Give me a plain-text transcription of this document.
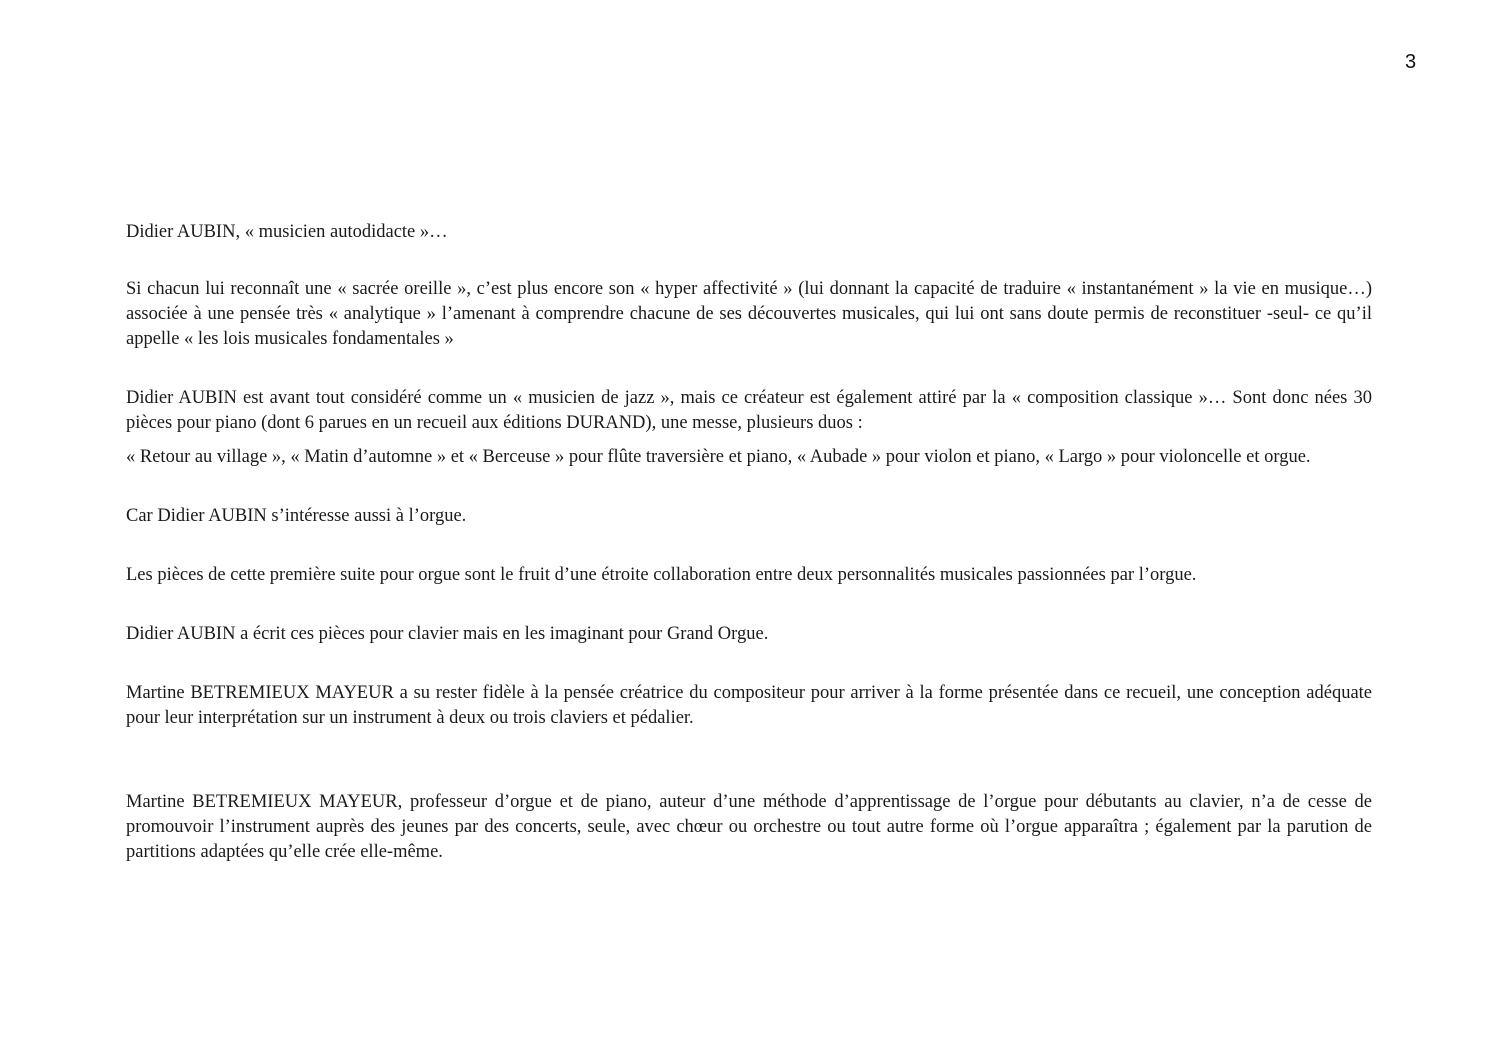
3

Didier AUBIN, « musicien autodidacte »…

Si chacun lui reconnaît une « sacrée oreille », c’est plus encore son « hyper affectivité » (lui donnant la capacité de traduire « instantanément » la vie en musique…) associée à une pensée très « analytique » l’amenant à comprendre chacune de ses découvertes musicales, qui lui ont sans doute permis de reconstituer -seul- ce qu’il appelle « les lois musicales fondamentales »

Didier AUBIN est avant tout considéré comme un « musicien de jazz », mais ce créateur est également attiré par la « composition classique »… Sont donc nées 30 pièces pour piano (dont 6 parues en un recueil aux éditions DURAND), une messe, plusieurs duos :

« Retour au village », « Matin d’automne » et « Berceuse » pour flûte traversière et piano, « Aubade » pour violon et piano, « Largo » pour violoncelle et orgue.

Car Didier AUBIN s’intéresse aussi à l’orgue.

Les pièces de cette première suite pour orgue sont le fruit d’une étroite collaboration entre deux personnalités musicales passionnées par l’orgue.

Didier AUBIN a écrit ces pièces pour clavier mais en les imaginant pour Grand Orgue.

Martine BETREMIEUX MAYEUR a su rester fidèle à la pensée créatrice du compositeur pour arriver à la forme présentée dans ce recueil, une conception adéquate pour leur interprétation sur un instrument à deux ou trois claviers et pédalier.

Martine BETREMIEUX MAYEUR, professeur d’orgue et de piano, auteur d’une méthode d’apprentissage de l’orgue pour débutants au clavier, n’a de cesse de promouvoir l’instrument auprès des jeunes par des concerts, seule, avec chœur ou orchestre ou tout autre forme où l’orgue apparaîtra ; également par la parution de partitions adaptées qu’elle crée elle-même.
